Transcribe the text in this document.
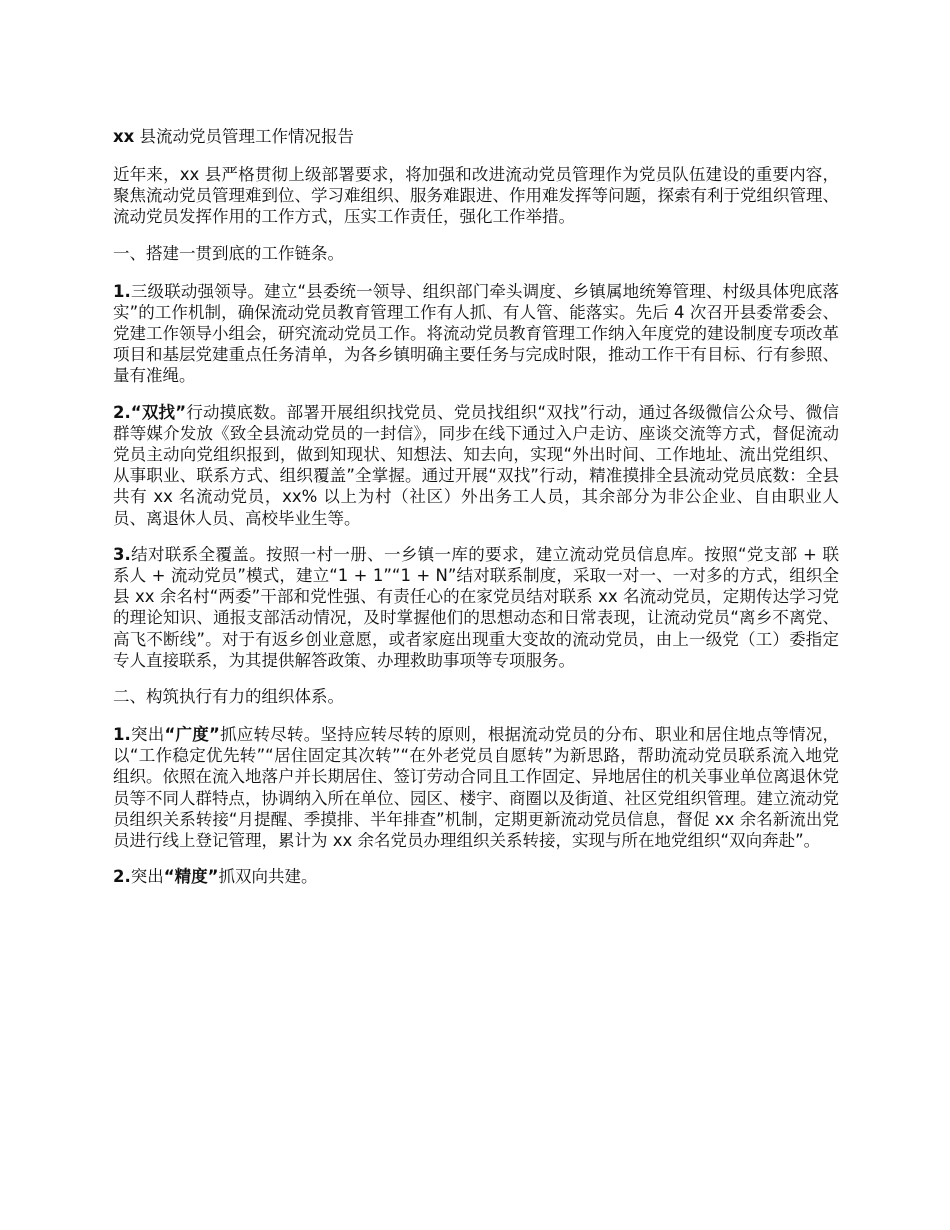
xx 县流动党员管理工作情况报告

近年来，xx 县严格贯彻上级部署要求，将加强和改进流动党员管理作为党员队伍建设的重要内容，聚焦流动党员管理难到位、学习难组织、服务难跟进、作用难发挥等问题，探索有利于党组织管理、流动党员发挥作用的工作方式，压实工作责任，强化工作举措。

一、搭建一贯到底的工作链条。

1.三级联动强领导。建立“县委统一领导、组织部门牵头调度、乡镇属地统筹管理、村级具体兜底落实”的工作机制，确保流动党员教育管理工作有人抓、有人管、能落实。先后 4 次召开县委常委会、党建工作领导小组会，研究流动党员工作。将流动党员教育管理工作纳入年度党的建设制度专项改革项目和基层党建重点任务清单，为各乡镇明确主要任务与完成时限，推动工作干有目标、行有参照、量有准绳。

2.“双找”行动摸底数。部署开展组织找党员、党员找组织“双找”行动，通过各级微信公众号、微信群等媒介发放《致全县流动党员的一封信》，同步在线下通过入户走访、座谈交流等方式，督促流动党员主动向党组织报到，做到知现状、知想法、知去向，实现“外出时间、工作地址、流出党组织、从事职业、联系方式、组织覆盖”全掌握。通过开展“双找”行动，精准摸排全县流动党员底数：全县共有 xx 名流动党员，xx% 以上为村（社区）外出务工人员，其余部分为非公企业、自由职业人员、离退休人员、高校毕业生等。

3.结对联系全覆盖。按照一村一册、一乡镇一库的要求，建立流动党员信息库。按照“党支部 + 联系人 + 流动党员”模式，建立“1 + 1”“1 + N”结对联系制度，采取一对一、一对多的方式，组织全县 xx 余名村“两委”干部和党性强、有责任心的在家党员结对联系 xx 名流动党员，定期传达学习党的理论知识、通报支部活动情况，及时掌握他们的思想动态和日常表现，让流动党员“离乡不离党、高飞不断线”。对于有返乡创业意愿，或者家庭出现重大变故的流动党员，由上一级党（工）委指定专人直接联系，为其提供解答政策、办理救助事项等专项服务。

二、构筑执行有力的组织体系。

1.突出“广度”抓应转尽转。坚持应转尽转的原则，根据流动党员的分布、职业和居住地点等情况，以“工作稳定优先转”“居住固定其次转”“在外老党员自愿转”为新思路，帮助流动党员联系流入地党组织。依照在流入地落户并长期居住、签订劳动合同且工作固定、异地居住的机关事业单位离退休党员等不同人群特点，协调纳入所在单位、园区、楼宇、商圈以及街道、社区党组织管理。建立流动党员组织关系转接“月提醒、季摸排、半年排查”机制，定期更新流动党员信息，督促 xx 余名新流出党员进行线上登记管理，累计为 xx 余名党员办理组织关系转接，实现与所在地党组织“双向奔赴”。

2.突出“精度”抓双向共建。
